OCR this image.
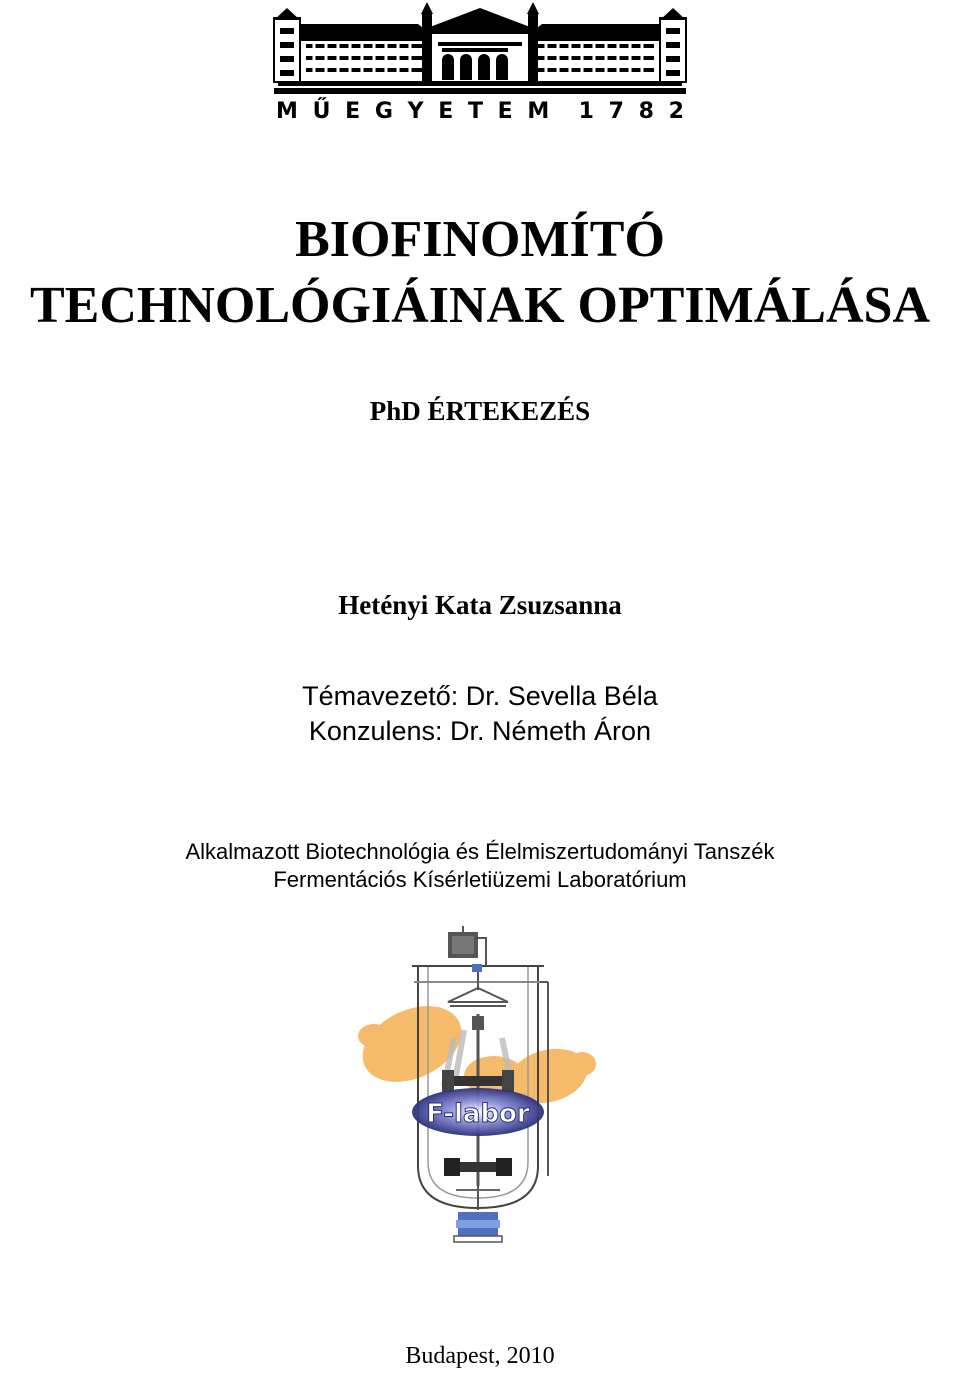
M Ű E G Y E T E M 1 7 8 2
BIOFINOMÍTÓ
TECHNOLÓGIÁINAK OPTIMÁLÁSA
PhD ÉRTEKEZÉS
Hetényi Kata Zsuzsanna
Témavezető: Dr. Sevella Béla
Konzulens: Dr. Németh Áron
Alkalmazott Biotechnológia és Élelmiszertudományi Tanszék
Fermentációs Kísérletiüzemi Laboratórium
F-labor
Budapest, 2010
